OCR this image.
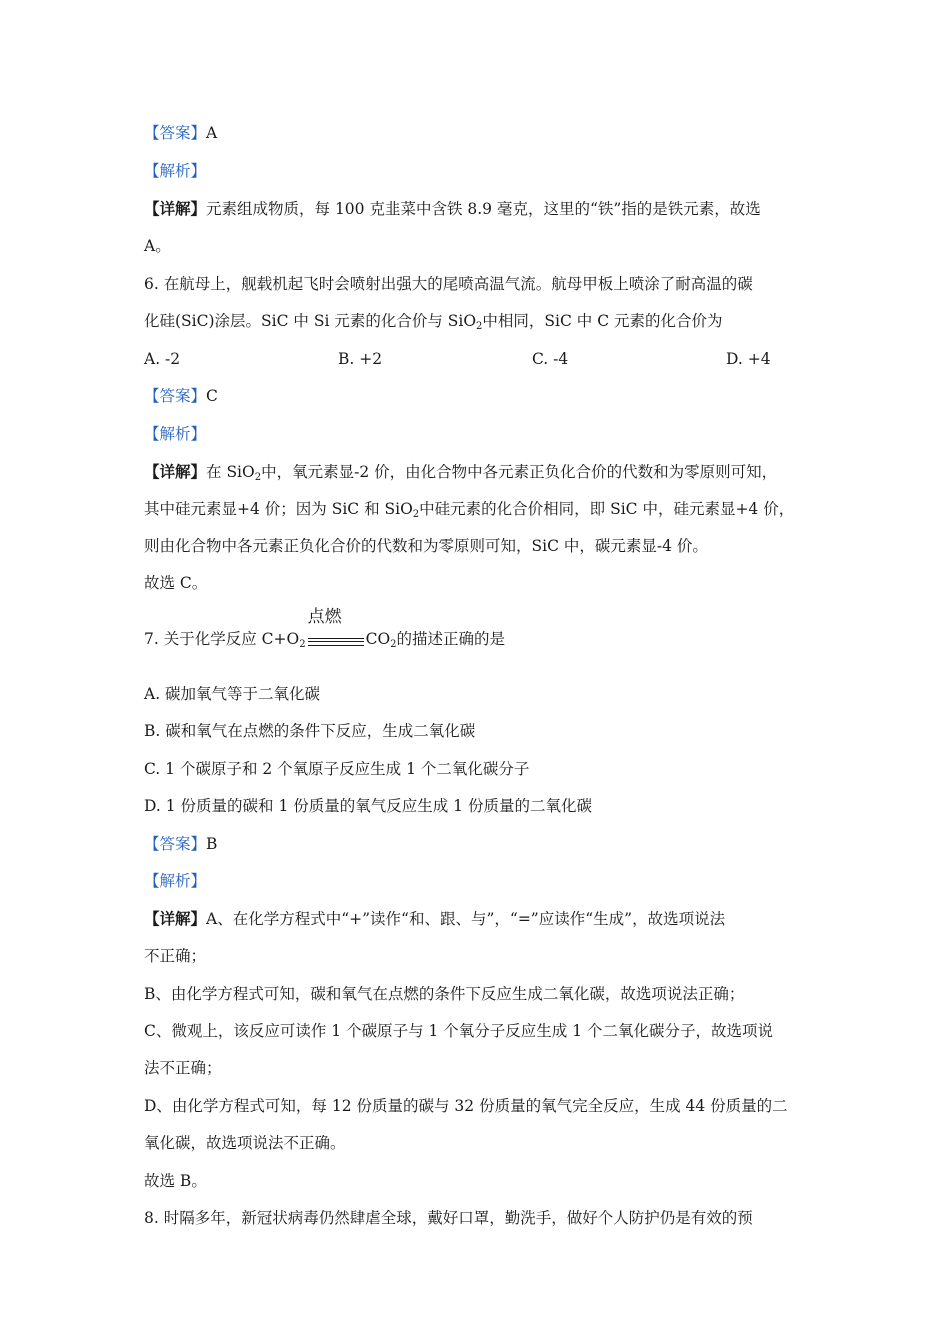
【答案】A
【解析】
【详解】元素组成物质，每 100 克韭菜中含铁 8.9 毫克，这里的“铁”指的是铁元素，故选
A。
6. 在航母上，舰载机起飞时会喷射出强大的尾喷高温气流。航母甲板上喷涂了耐高温的碳
化硅(SiC)涂层。SiC 中 Si 元素的化合价与 SiO$_2$中相同，SiC 中 C 元素的化合价为
A. -2	B. +2	C. -4	D. +4
【答案】C
【解析】
【详解】在 SiO$_2$中，氧元素显-2 价，由化合物中各元素正负化合价的代数和为零原则可知，
其中硅元素显+4 价；因为 SiC 和 SiO$_2$中硅元素的化合价相同，即 SiC 中，硅元素显+4 价，
则由化合物中各元素正负化合价的代数和为零原则可知，SiC 中，碳元素显-4 价。
故选 C。
7. 关于化学反应 $C+O_2$
点燃
$CO_2$的描述正确的是
A. 碳加氧气等于二氧化碳
B. 碳和氧气在点燃的条件下反应，生成二氧化碳
C. 1 个碳原子和 2 个氧原子反应生成 1 个二氧化碳分子
D. 1 份质量的碳和 1 份质量的氧气反应生成 1 份质量的二氧化碳
【答案】B
【解析】
【详解】A、在化学方程式中“+”读作“和、跟、与”，“=”应读作“生成”，故选项说法
不正确；
B、由化学方程式可知，碳和氧气在点燃的条件下反应生成二氧化碳，故选项说法正确；
C、微观上，该反应可读作 1 个碳原子与 1 个氧分子反应生成 1 个二氧化碳分子，故选项说
法不正确；
D、由化学方程式可知，每 12 份质量的碳与 32 份质量的氧气完全反应，生成 44 份质量的二
氧化碳，故选项说法不正确。
故选 B。
8. 时隔多年，新冠状病毒仍然肆虐全球，戴好口罩，勤洗手，做好个人防护仍是有效的预
